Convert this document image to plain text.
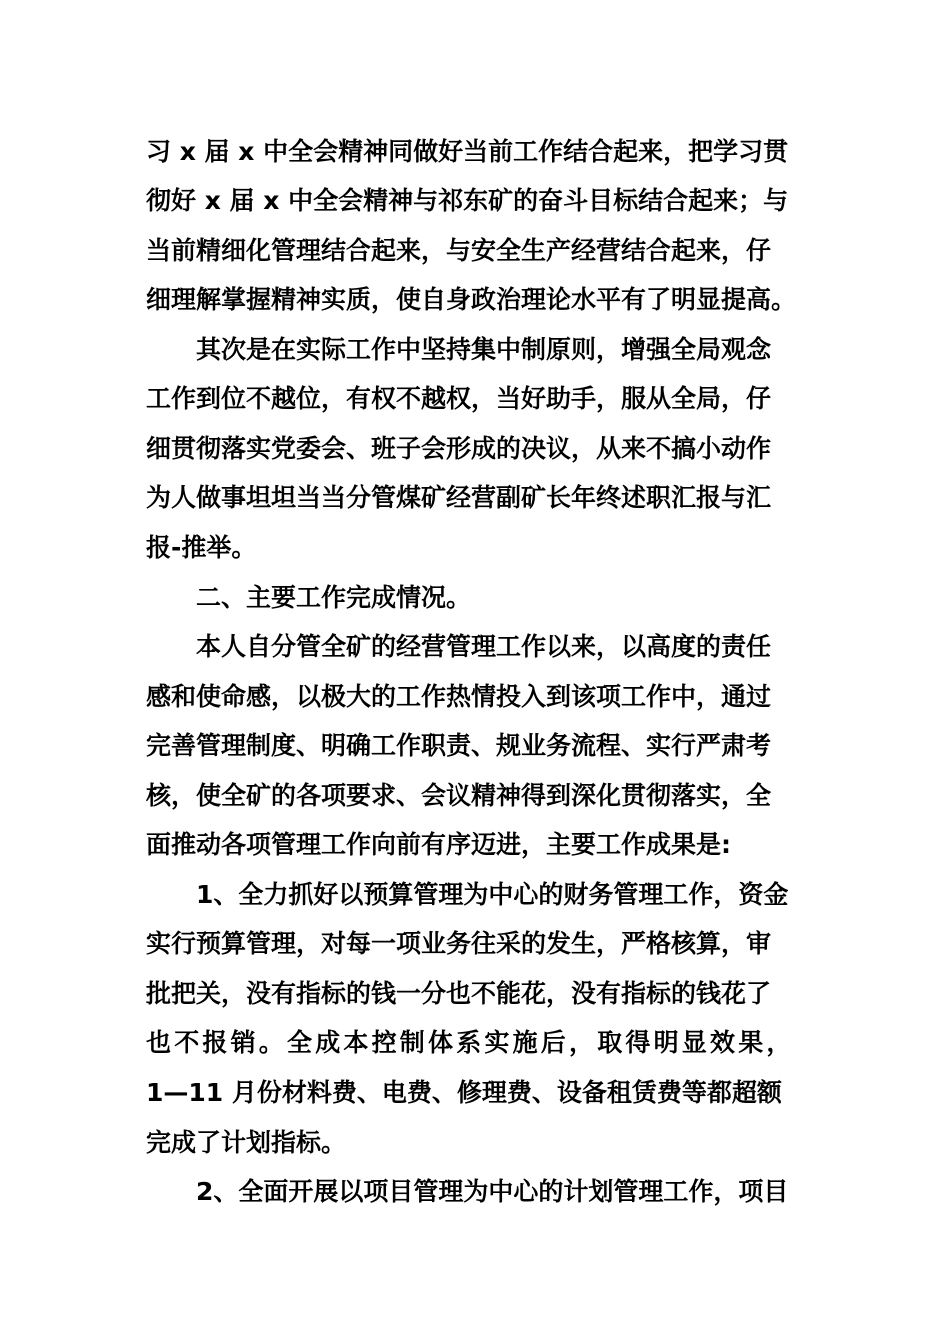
习 x 届 x 中全会精神同做好当前工作结合起来，把学习贯
彻好 x 届 x 中全会精神与祁东矿的奋斗目标结合起来；与
当前精细化管理结合起来，与安全生产经营结合起来，仔
细理解掌握精神实质，使自身政治理论水平有了明显提高。
其次是在实际工作中坚持集中制原则，增强全局观念
工作到位不越位，有权不越权，当好助手，服从全局，仔
细贯彻落实党委会、班子会形成的决议，从来不搞小动作
为人做事坦坦当当分管煤矿经营副矿长年终述职汇报与汇
报-推举。
二、主要工作完成情况。
本人自分管全矿的经营管理工作以来，以高度的责任
感和使命感，以极大的工作热情投入到该项工作中，通过
完善管理制度、明确工作职责、规业务流程、实行严肃考
核，使全矿的各项要求、会议精神得到深化贯彻落实，全
面推动各项管理工作向前有序迈进，主要工作成果是:
1、全力抓好以预算管理为中心的财务管理工作，资金
实行预算管理，对每一项业务往采的发生，严格核算，审
批把关，没有指标的钱一分也不能花，没有指标的钱花了
也不报销。全成本控制体系实施后，取得明显效果，
1—11 月份材料费、电费、修理费、设备租赁费等都超额
完成了计划指标。
2、全面开展以项目管理为中心的计划管理工作，项目
